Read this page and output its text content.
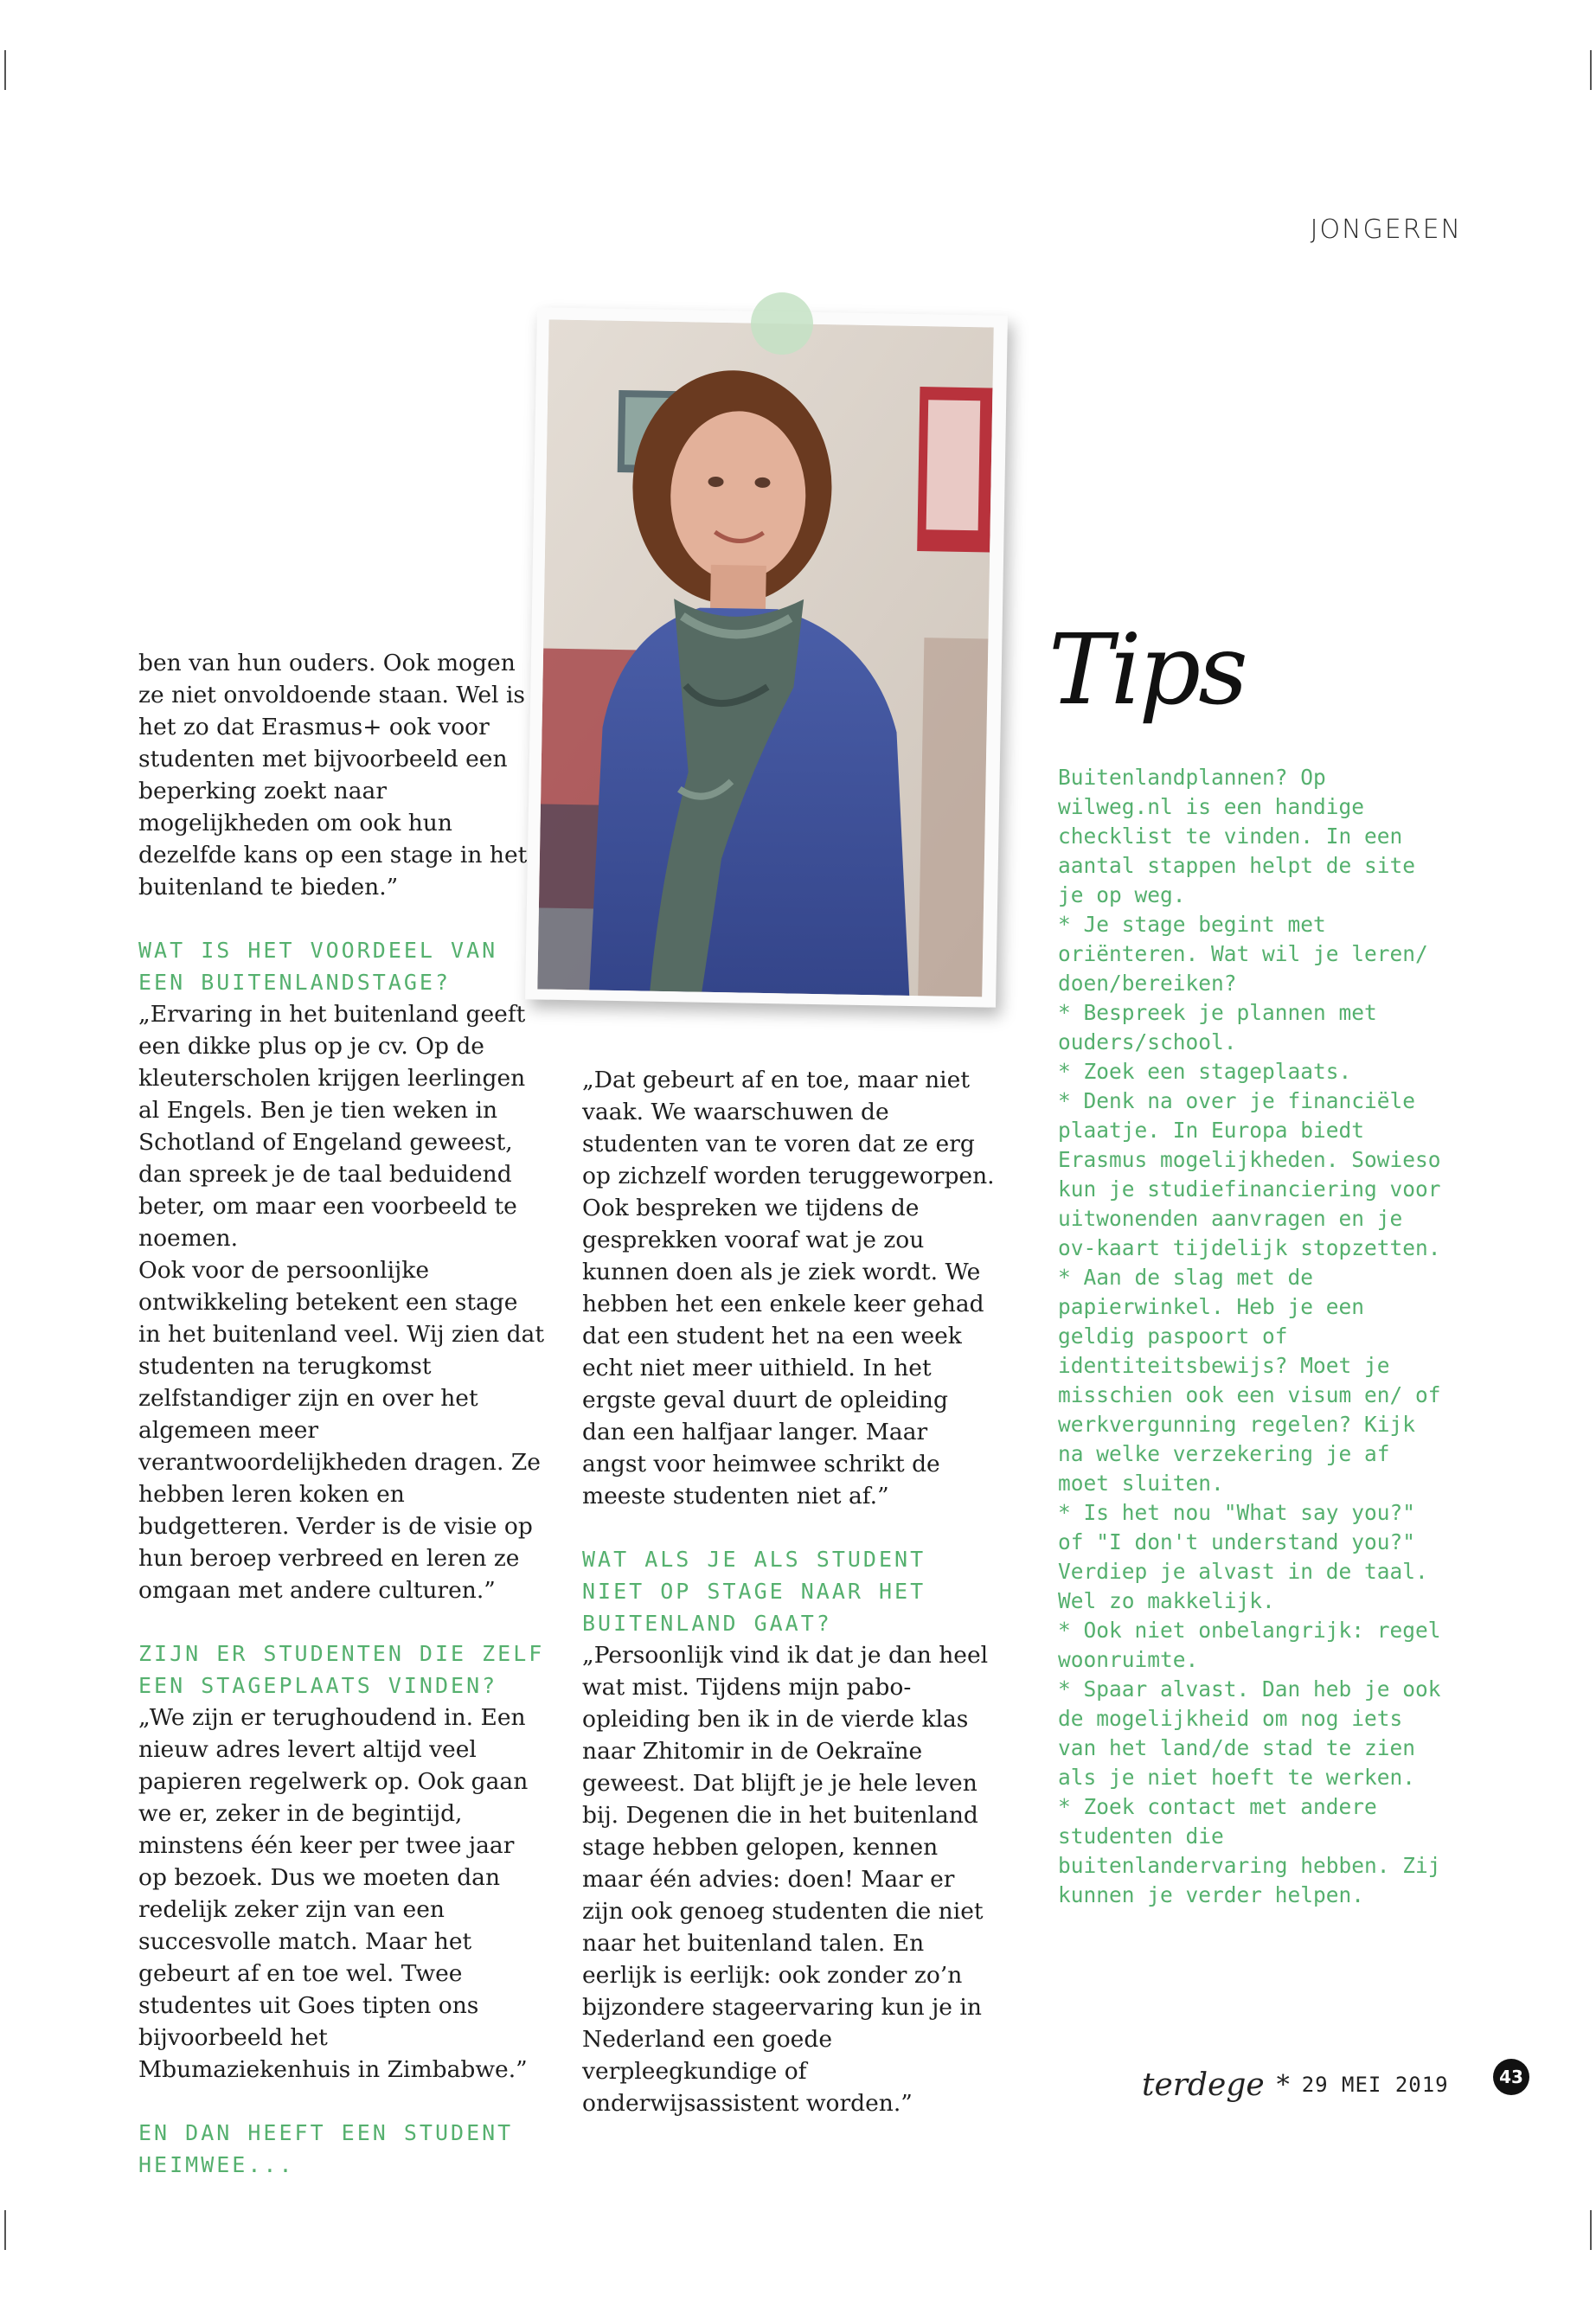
JONGEREN

ben van hun ouders. Ook mogen ze niet onvoldoende staan. Wel is het zo dat Erasmus+ ook voor studenten met bijvoorbeeld een beperking zoekt naar mogelijkheden om ook hun dezelfde kans op een stage in het buitenland te bieden.”

WAT IS HET VOORDEEL VAN EEN BUITENLANDSTAGE?

„Ervaring in het buitenland geeft een dikke plus op je cv. Op de kleuterscholen krijgen leerlingen al Engels. Ben je tien weken in Schotland of Engeland geweest, dan spreek je de taal beduidend beter, om maar een voorbeeld te noemen.

Ook voor de persoonlijke ontwikkeling betekent een stage in het buitenland veel. Wij zien dat studenten na terugkomst zelfstandiger zijn en over het algemeen meer verantwoordelijkheden dragen. Ze hebben leren koken en budgetteren. Verder is de visie op hun beroep verbreed en leren ze omgaan met andere culturen.”

ZIJN ER STUDENTEN DIE ZELF EEN STAGEPLAATS VINDEN?

„We zijn er terughoudend in. Een nieuw adres levert altijd veel papieren regelwerk op. Ook gaan we er, zeker in de begintijd, minstens één keer per twee jaar op bezoek. Dus we moeten dan redelijk zeker zijn van een succesvolle match. Maar het gebeurt af en toe wel. Twee studentes uit Goes tipten ons bijvoorbeeld het Mbumaziekenhuis in Zimbabwe.”

EN DAN HEEFT EEN STUDENT HEIMWEE...

„Dat gebeurt af en toe, maar niet vaak. We waarschuwen de studenten van te voren dat ze erg op zichzelf worden teruggeworpen. Ook bespreken we tijdens de gesprekken vooraf wat je zou kunnen doen als je ziek wordt. We hebben het een enkele keer gehad dat een student het na een week echt niet meer uithield. In het ergste geval duurt de opleiding dan een halfjaar langer. Maar angst voor heimwee schrikt de meeste studenten niet af.”

WAT ALS JE ALS STUDENT NIET OP STAGE NAAR HET BUITENLAND GAAT?

„Persoonlijk vind ik dat je dan heel wat mist. Tijdens mijn pabo-opleiding ben ik in de vierde klas naar Zhitomir in de Oekraïne geweest. Dat blijft je je hele leven bij. Degenen die in het buitenland stage hebben gelopen, kennen maar één advies: doen! Maar er zijn ook genoeg studenten die niet naar het buitenland talen. En eerlijk is eerlijk: ook zonder zo’n bijzondere stageervaring kun je in Nederland een goede verpleegkundige of onderwijsassistent worden.”

Tips

Buitenlandplannen? Op wilweg.nl is een handige checklist te vinden. In een aantal stappen helpt de site je op weg.

* Je stage begint met oriënteren. Wat wil je leren/ doen/bereiken?

* Bespreek je plannen met ouders/school.

* Zoek een stageplaats.

* Denk na over je financiële plaatje. In Europa biedt Erasmus mogelijkheden. Sowieso kun je studiefinanciering voor uitwonenden aanvragen en je ov-kaart tijdelijk stopzetten.

* Aan de slag met de papierwinkel. Heb je een geldig paspoort of identiteitsbewijs? Moet je misschien ook een visum en/ of werkvergunning regelen? Kijk na welke verzekering je af moet sluiten.

* Is het nou "What say you?" of "I don't understand you?" Verdiep je alvast in de taal. Wel zo makkelijk.

* Ook niet onbelangrijk: regel woonruimte.

* Spaar alvast. Dan heb je ook de mogelijkheid om nog iets van het land/de stad te zien als je niet hoeft te werken.

* Zoek contact met andere studenten die buitenlandervaring hebben. Zij kunnen je verder helpen.

terdege * 29 MEI 2019	43
